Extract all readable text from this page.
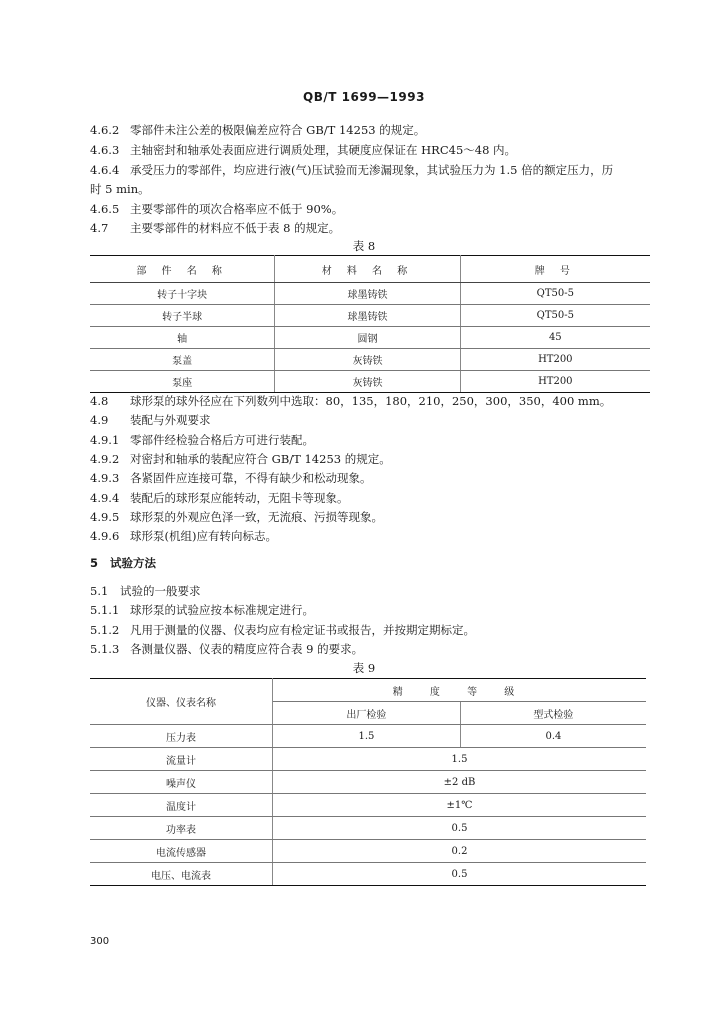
QB/T 1699—1993
4.6.2 零部件未注公差的极限偏差应符合 GB/T 14253 的规定。
4.6.3 主轴密封和轴承处表面应进行调质处理，其硬度应保证在 HRC45～48 内。
4.6.4 承受压力的零部件，均应进行液(气)压试验而无渗漏现象，其试验压力为 1.5 倍的额定压力，历
时 5 min。
4.6.5 主要零部件的项次合格率应不低于 90%。
4.7 主要零部件的材料应不低于表 8 的规定。
表 8
部 件 名 称	材 料 名 称	牌 号
转子十字块	球墨铸铁	QT50-5
转子半球	球墨铸铁	QT50-5
轴	圆钢	45
泵盖	灰铸铁	HT200
泵座	灰铸铁	HT200
4.8 球形泵的球外径应在下列数列中选取：80，135，180，210，250，300，350，400 mm。
4.9 装配与外观要求
4.9.1 零部件经检验合格后方可进行装配。
4.9.2 对密封和轴承的装配应符合 GB/T 14253 的规定。
4.9.3 各紧固件应连接可靠，不得有缺少和松动现象。
4.9.4 装配后的球形泵应能转动，无阻卡等现象。
4.9.5 球形泵的外观应色泽一致，无流痕、污损等现象。
4.9.6 球形泵(机组)应有转向标志。
5 试验方法
5.1 试验的一般要求
5.1.1 球形泵的试验应按本标准规定进行。
5.1.2 凡用于测量的仪器、仪表均应有检定证书或报告，并按期定期标定。
5.1.3 各测量仪器、仪表的精度应符合表 9 的要求。
表 9
仪器、仪表名称	精 度 等 级	
	出厂检验	型式检验
压力表	1.5	0.4
流量计	1.5	
噪声仪	±2 dB	
温度计	±1℃	
功率表	0.5	
电流传感器	0.2	
电压、电流表	0.5	
300
